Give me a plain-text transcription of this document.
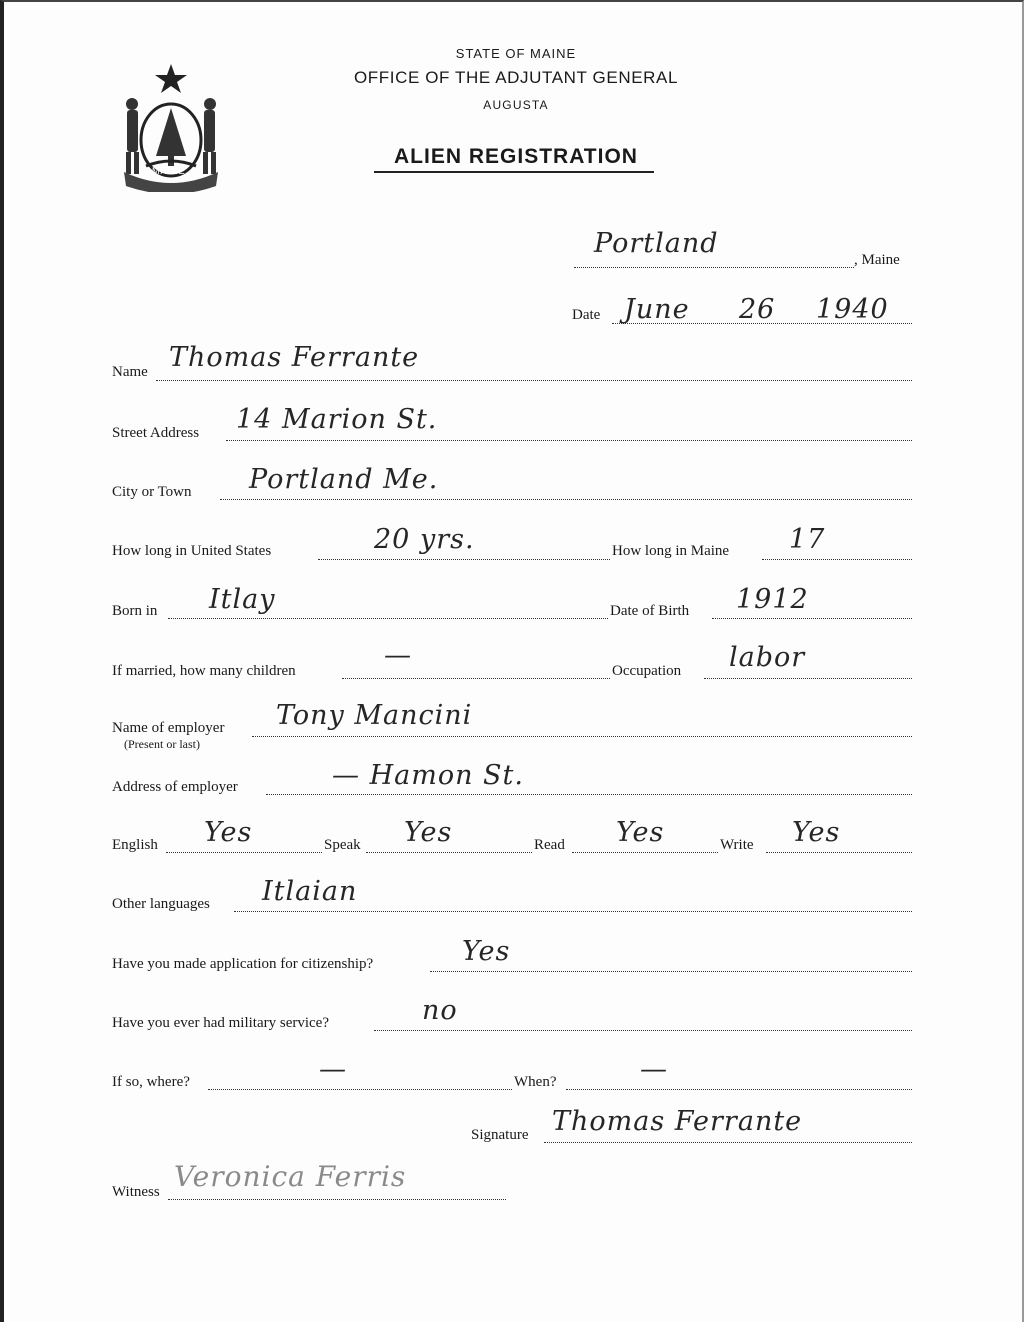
MAINE
STATE OF MAINE
OFFICE OF THE ADJUTANT GENERAL
AUGUSTA
ALIEN REGISTRATION
Portland
, Maine
Date June 26 1940
Name Thomas Ferrante
Street Address 14 Marion St.
City or Town Portland Me.
How long in United States	20 yrs.	How long in Maine 17
Born in Itlay	Date of Birth 1912
If married, how many children	—	Occupation labor
Name of employer
(Present or last)
Tony Mancini
Address of employer	— Hamon St.
English Yes	Speak Yes	Read Yes	Write Yes
Other languages Itlaian
Have you made application for citizenship?	Yes
Have you ever had military service?	no
If so, where?	—	When?	—
Signature Thomas Ferrante
Witness Veronica Ferris
